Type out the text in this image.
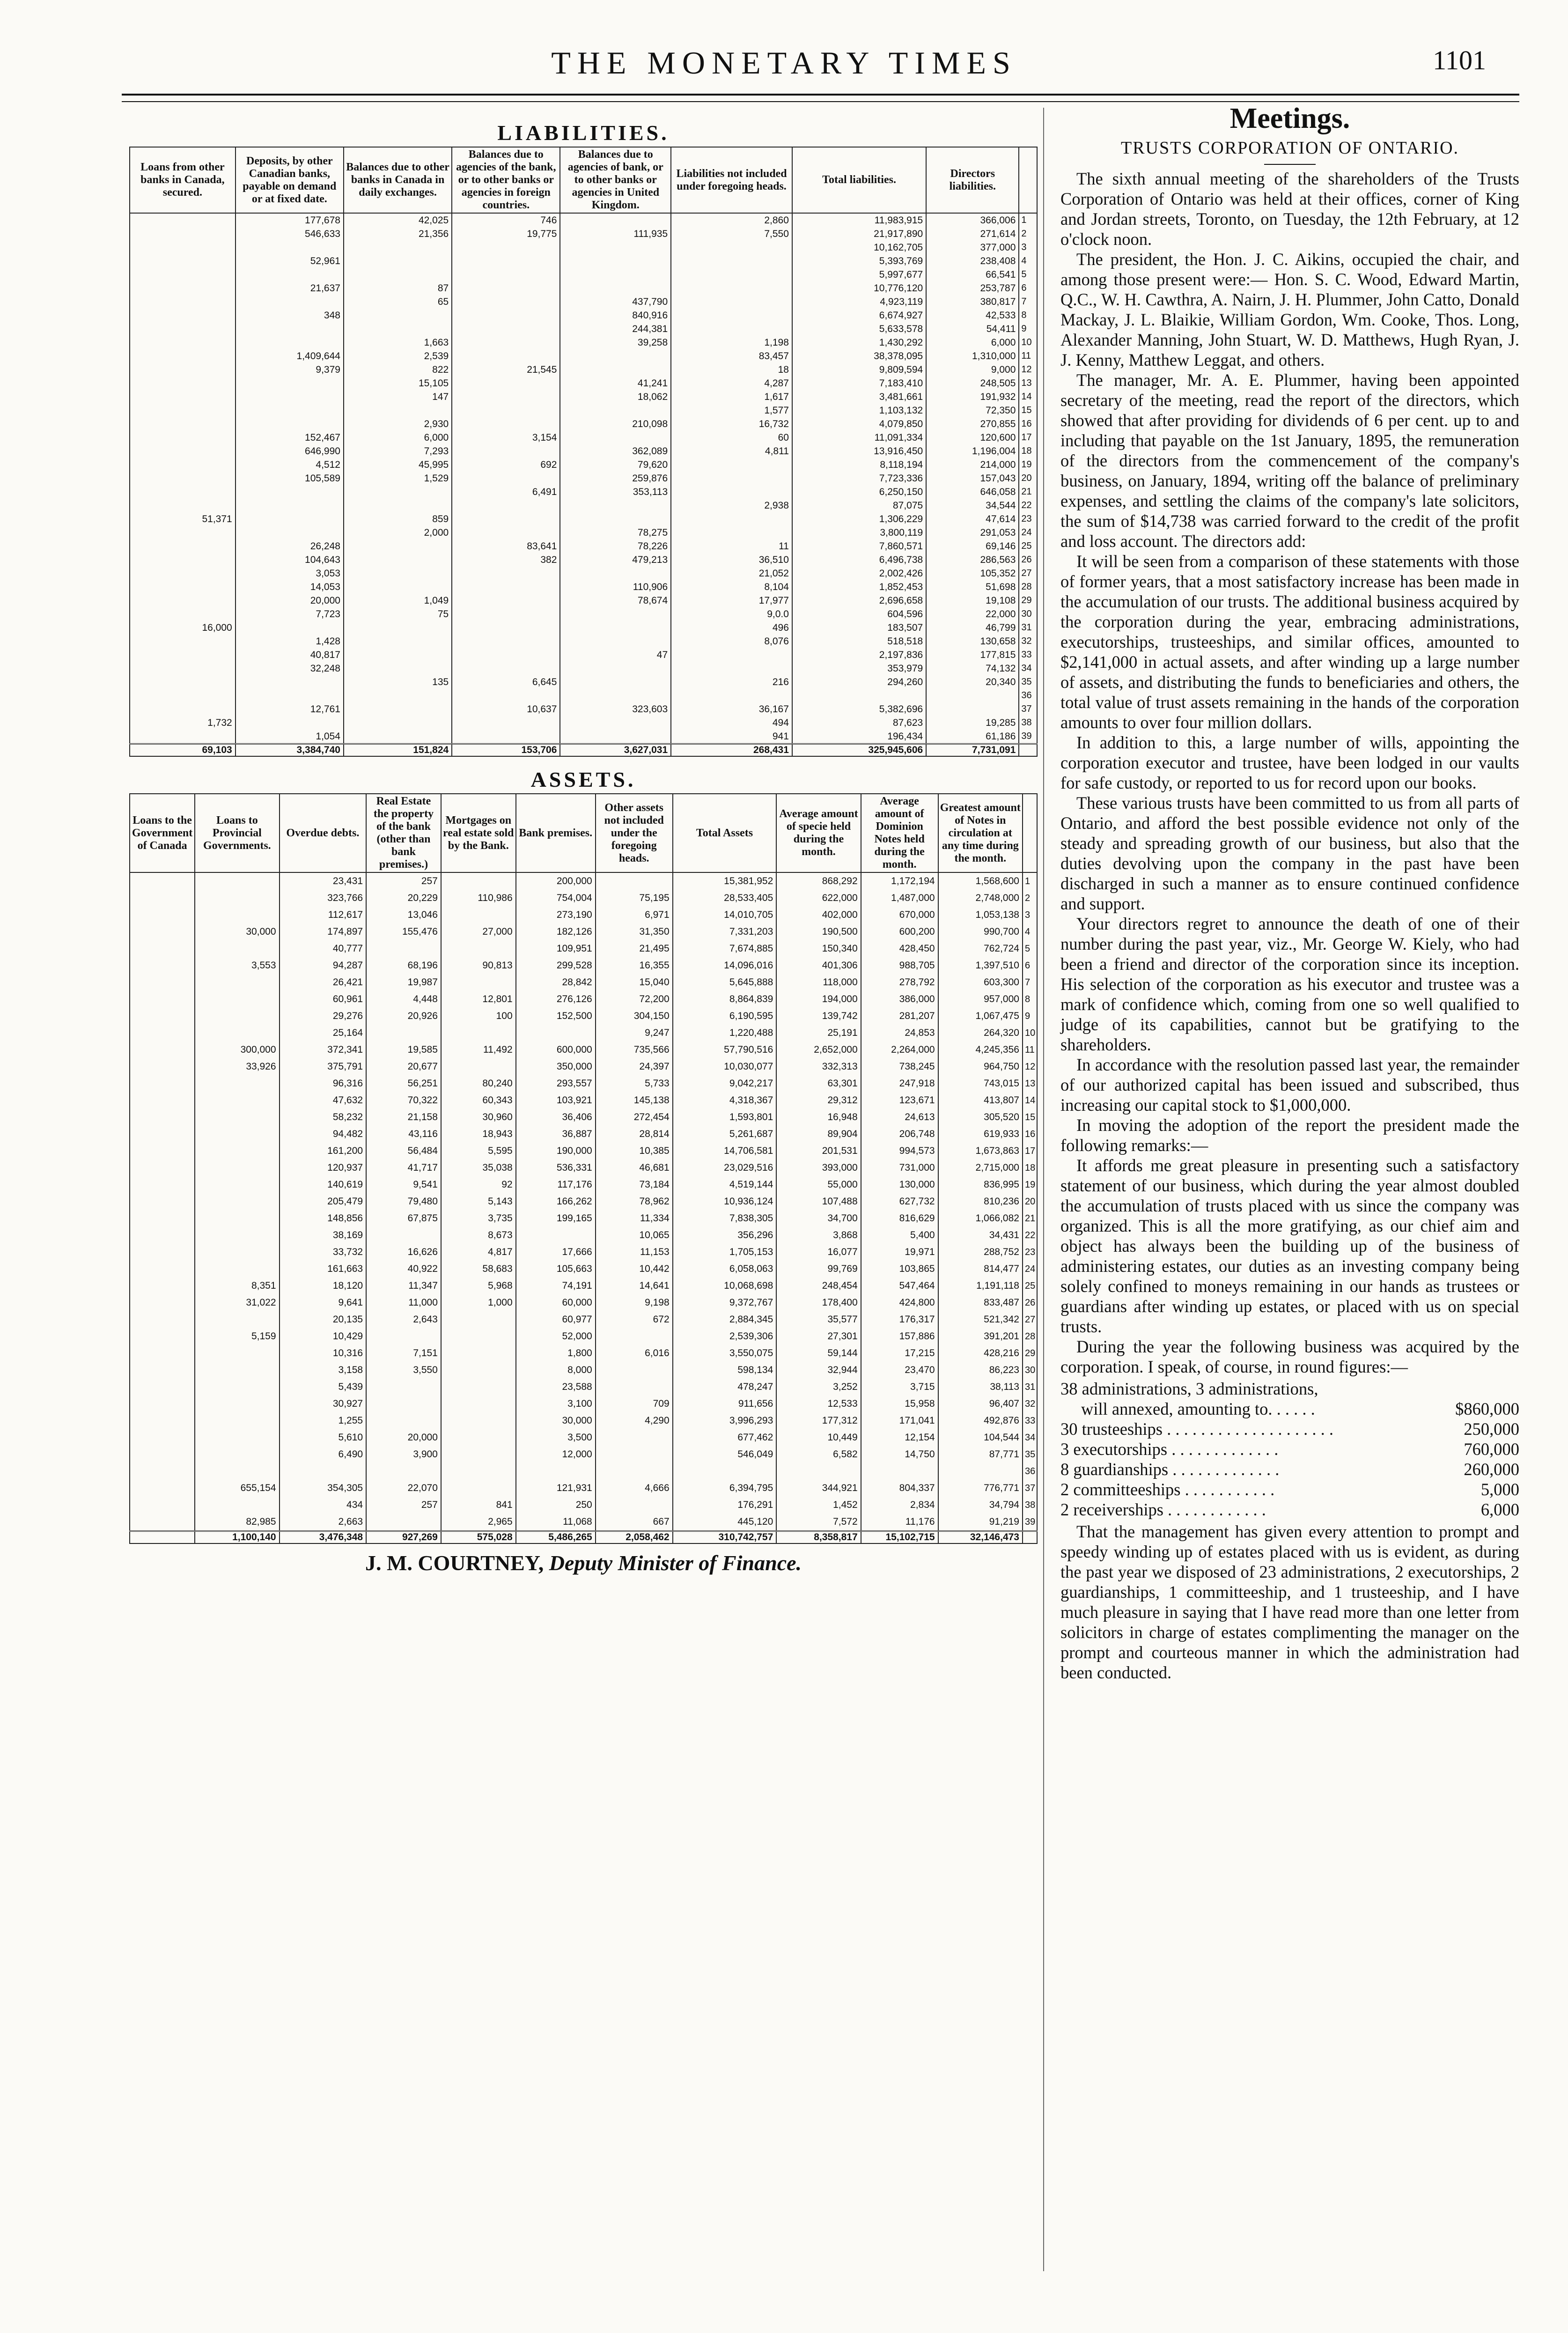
THE MONETARY TIMES	1101
LIABILITIES.
Loans from other banks in Canada, secured.	Deposits, by other Canadian banks, payable on demand or at fixed date.	Balances due to other banks in Canada in daily exchanges.	Balances due to agencies of the bank, or to other banks or agencies in foreign countries.	Balances due to agencies of bank, or to other banks or agencies in United Kingdom.	Liabilities not included under foregoing heads.	Total liabilities.	Directors liabilities.	
	177,678	42,025	746		2,860	11,983,915	366,006	1
	546,633	21,356	19,775	111,935	7,550	21,917,890	271,614	2
						10,162,705	377,000	3
	52,961					5,393,769	238,408	4
						5,997,677	66,541	5
	21,637	87				10,776,120	253,787	6
		65		437,790		4,923,119	380,817	7
	348			840,916		6,674,927	42,533	8
				244,381		5,633,578	54,411	9
		1,663		39,258	1,198	1,430,292	6,000	10
	1,409,644	2,539			83,457	38,378,095	1,310,000	11
	9,379	822	21,545		18	9,809,594	9,000	12
		15,105		41,241	4,287	7,183,410	248,505	13
		147		18,062	1,617	3,481,661	191,932	14
					1,577	1,103,132	72,350	15
		2,930		210,098	16,732	4,079,850	270,855	16
	152,467	6,000	3,154		60	11,091,334	120,600	17
	646,990	7,293		362,089	4,811	13,916,450	1,196,004	18
	4,512	45,995	692	79,620		8,118,194	214,000	19
	105,589	1,529		259,876		7,723,336	157,043	20
			6,491	353,113		6,250,150	646,058	21
					2,938	87,075	34,544	22
51,371		859				1,306,229	47,614	23
		2,000		78,275		3,800,119	291,053	24
	26,248		83,641	78,226	11	7,860,571	69,146	25
	104,643		382	479,213	36,510	6,496,738	286,563	26
	3,053				21,052	2,002,426	105,352	27
	14,053			110,906	8,104	1,852,453	51,698	28
	20,000	1,049		78,674	17,977	2,696,658	19,108	29
	7,723	75			9,0.0	604,596	22,000	30
16,000					496	183,507	46,799	31
	1,428				8,076	518,518	130,658	32
	40,817			47		2,197,836	177,815	33
	32,248					353,979	74,132	34
		135	6,645		216	294,260	20,340	35
								36
	12,761		10,637	323,603	36,167	5,382,696		37
1,732					494	87,623	19,285	38
	1,054				941	196,434	61,186	39
69,103	3,384,740	151,824	153,706	3,627,031	268,431	325,945,606	7,731,091	
ASSETS.
Loans to the Government of Canada	Loans to Provincial Governments.	Overdue debts.	Real Estate the property of the bank (other than bank premises.)	Mortgages on real estate sold by the Bank.	Bank premises.	Other assets not included under the foregoing heads.	Total Assets	Average amount of specie held during the month.	Average amount of Dominion Notes held during the month.	Greatest amount of Notes in circulation at any time during the month.	
		23,431	257		200,000		15,381,952	868,292	1,172,194	1,568,600	1
		323,766	20,229	110,986	754,004	75,195	28,533,405	622,000	1,487,000	2,748,000	2
		112,617	13,046		273,190	6,971	14,010,705	402,000	670,000	1,053,138	3
	30,000	174,897	155,476	27,000	182,126	31,350	7,331,203	190,500	600,200	990,700	4
		40,777			109,951	21,495	7,674,885	150,340	428,450	762,724	5
	3,553	94,287	68,196	90,813	299,528	16,355	14,096,016	401,306	988,705	1,397,510	6
		26,421	19,987		28,842	15,040	5,645,888	118,000	278,792	603,300	7
		60,961	4,448	12,801	276,126	72,200	8,864,839	194,000	386,000	957,000	8
		29,276	20,926	100	152,500	304,150	6,190,595	139,742	281,207	1,067,475	9
		25,164				9,247	1,220,488	25,191	24,853	264,320	10
	300,000	372,341	19,585	11,492	600,000	735,566	57,790,516	2,652,000	2,264,000	4,245,356	11
	33,926	375,791	20,677		350,000	24,397	10,030,077	332,313	738,245	964,750	12
		96,316	56,251	80,240	293,557	5,733	9,042,217	63,301	247,918	743,015	13
		47,632	70,322	60,343	103,921	145,138	4,318,367	29,312	123,671	413,807	14
		58,232	21,158	30,960	36,406	272,454	1,593,801	16,948	24,613	305,520	15
		94,482	43,116	18,943	36,887	28,814	5,261,687	89,904	206,748	619,933	16
		161,200	56,484	5,595	190,000	10,385	14,706,581	201,531	994,573	1,673,863	17
		120,937	41,717	35,038	536,331	46,681	23,029,516	393,000	731,000	2,715,000	18
		140,619	9,541	92	117,176	73,184	4,519,144	55,000	130,000	836,995	19
		205,479	79,480	5,143	166,262	78,962	10,936,124	107,488	627,732	810,236	20
		148,856	67,875	3,735	199,165	11,334	7,838,305	34,700	816,629	1,066,082	21
		38,169		8,673		10,065	356,296	3,868	5,400	34,431	22
		33,732	16,626	4,817	17,666	11,153	1,705,153	16,077	19,971	288,752	23
		161,663	40,922	58,683	105,663	10,442	6,058,063	99,769	103,865	814,477	24
	8,351	18,120	11,347	5,968	74,191	14,641	10,068,698	248,454	547,464	1,191,118	25
	31,022	9,641	11,000	1,000	60,000	9,198	9,372,767	178,400	424,800	833,487	26
		20,135	2,643		60,977	672	2,884,345	35,577	176,317	521,342	27
	5,159	10,429			52,000		2,539,306	27,301	157,886	391,201	28
		10,316	7,151		1,800	6,016	3,550,075	59,144	17,215	428,216	29
		3,158	3,550		8,000		598,134	32,944	23,470	86,223	30
		5,439			23,588		478,247	3,252	3,715	38,113	31
		30,927			3,100	709	911,656	12,533	15,958	96,407	32
		1,255			30,000	4,290	3,996,293	177,312	171,041	492,876	33
		5,610	20,000		3,500		677,462	10,449	12,154	104,544	34
		6,490	3,900		12,000		546,049	6,582	14,750	87,771	35
											36
	655,154	354,305	22,070		121,931	4,666	6,394,795	344,921	804,337	776,771	37
		434	257	841	250		176,291	1,452	2,834	34,794	38
	82,985	2,663		2,965	11,068	667	445,120	7,572	11,176	91,219	39
	1,100,140	3,476,348	927,269	575,028	5,486,265	2,058,462	310,742,757	8,358,817	15,102,715	32,146,473	
J. M. COURTNEY, Deputy Minister of Finance.
Meetings.
TRUSTS CORPORATION OF ONTARIO.

The sixth annual meeting of the shareholders of the Trusts Corporation of Ontario was held at their offices, corner of King and Jordan streets, Toronto, on Tuesday, the 12th February, at 12 o'clock noon.

The president, the Hon. J. C. Aikins, occupied the chair, and among those present were:— Hon. S. C. Wood, Edward Martin, Q.C., W. H. Cawthra, A. Nairn, J. H. Plummer, John Catto, Donald Mackay, J. L. Blaikie, William Gordon, Wm. Cooke, Thos. Long, Alexander Manning, John Stuart, W. D. Matthews, Hugh Ryan, J. J. Kenny, Matthew Leggat, and others.

The manager, Mr. A. E. Plummer, having been appointed secretary of the meeting, read the report of the directors, which showed that after providing for dividends of 6 per cent. up to and including that payable on the 1st January, 1895, the remuneration of the directors from the commencement of the company's business, on January, 1894, writing off the balance of preliminary expenses, and settling the claims of the company's late solicitors, the sum of $14,738 was carried forward to the credit of the profit and loss account. The directors add:

It will be seen from a comparison of these statements with those of former years, that a most satisfactory increase has been made in the accumulation of our trusts. The additional business acquired by the corporation during the year, embracing administrations, executorships, trusteeships, and similar offices, amounted to $2,141,000 in actual assets, and after winding up a large number of assets, and distributing the funds to beneficiaries and others, the total value of trust assets remaining in the hands of the corporation amounts to over four million dollars.

In addition to this, a large number of wills, appointing the corporation executor and trustee, have been lodged in our vaults for safe custody, or reported to us for record upon our books.

These various trusts have been committed to us from all parts of Ontario, and afford the best possible evidence not only of the steady and spreading growth of our business, but also that the duties devolving upon the company in the past have been discharged in such a manner as to ensure continued confidence and support.

Your directors regret to announce the death of one of their number during the past year, viz., Mr. George W. Kiely, who had been a friend and director of the corporation since its inception. His selection of the corporation as his executor and trustee was a mark of confidence which, coming from one so well qualified to judge of its capabilities, cannot but be gratifying to the shareholders.

In accordance with the resolution passed last year, the remainder of our authorized capital has been issued and subscribed, thus increasing our capital stock to $1,000,000.

In moving the adoption of the report the president made the following remarks:—

It affords me great pleasure in presenting such a satisfactory statement of our business, which during the year almost doubled the accumulation of trusts placed with us since the company was organized. This is all the more gratifying, as our chief aim and object has always been the building up of the business of administering estates, our duties as an investing company being solely confined to moneys remaining in our hands as trustees or guardians after winding up estates, or placed with us on special trusts.

During the year the following business was acquired by the corporation. I speak, of course, in round figures:—

38 administrations, 3 administrations,
will annexed, amounting to. . . . . .	$860,000
30 trusteeships . . . . . . . . . . . . . . . . . . . .	250,000
3 executorships . . . . . . . . . . . . .	760,000
8 guardianships . . . . . . . . . . . . .	260,000
2 committeeships . . . . . . . . . . .	5,000
2 receiverships . . . . . . . . . . . .	6,000

That the management has given every attention to prompt and speedy winding up of estates placed with us is evident, as during the past year we disposed of 23 administrations, 2 executorships, 2 guardianships, 1 committeeship, and 1 trusteeship, and I have much pleasure in saying that I have read more than one letter from solicitors in charge of estates complimenting the manager on the prompt and courteous manner in which the administration had been conducted.
